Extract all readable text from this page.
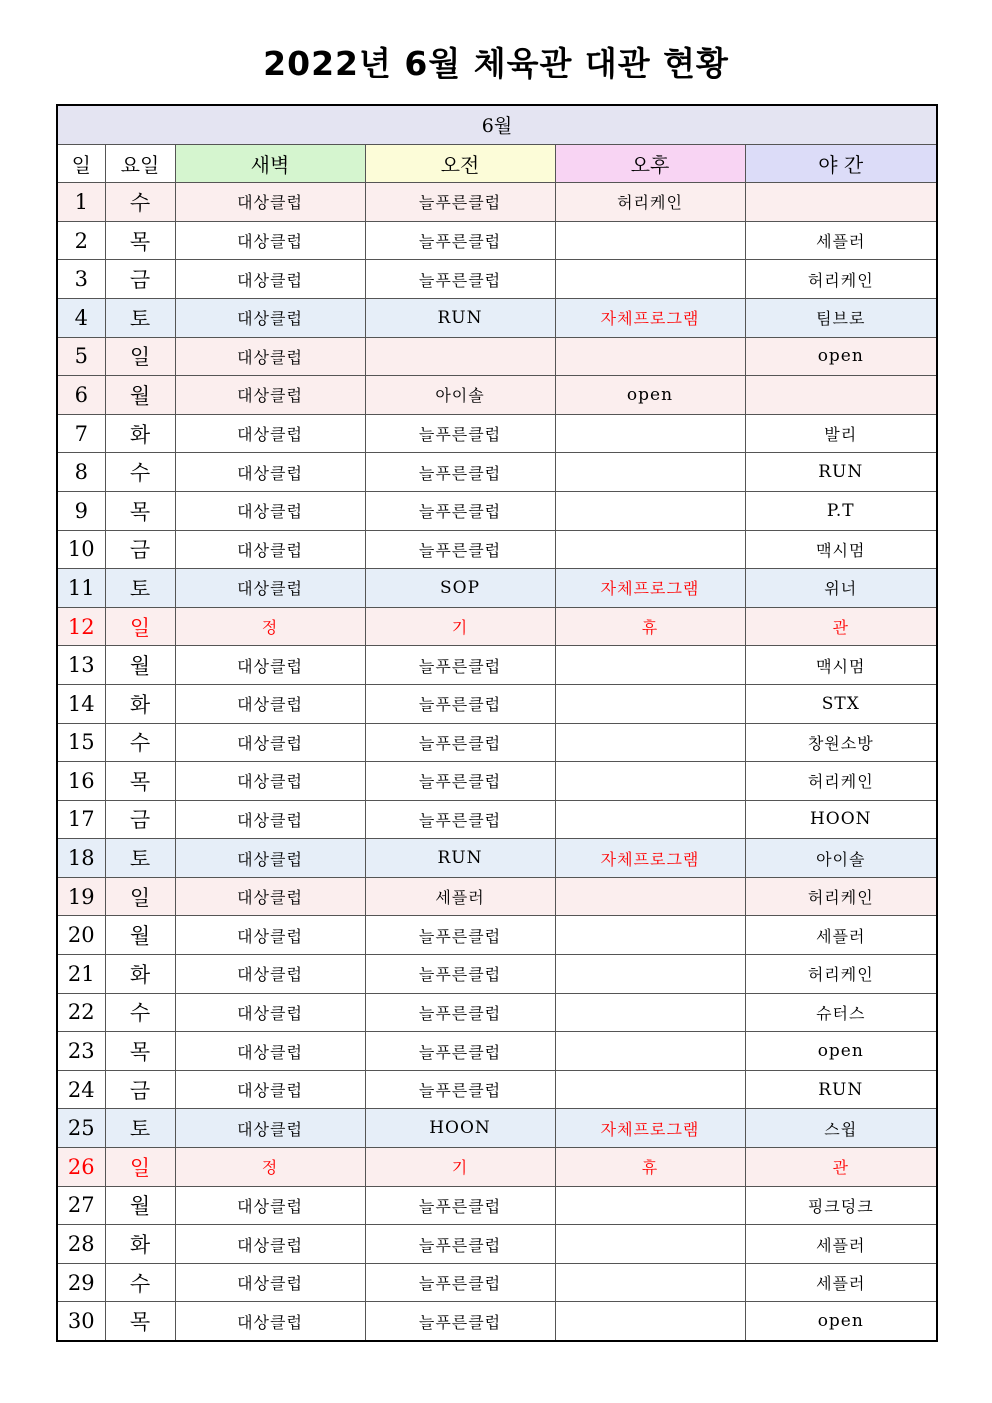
2022년 6월 체육관 대관 현황
6월					
일	요일	새벽	오전	오후	야 간
1	수	대상클럽	늘푸른클럽	허리케인	
2	목	대상클럽	늘푸른클럽		세플러
3	금	대상클럽	늘푸른클럽		허리케인
4	토	대상클럽	RUN	자체프로그램	팀브로
5	일	대상클럽			open
6	월	대상클럽	아이솔	open	
7	화	대상클럽	늘푸른클럽		발리
8	수	대상클럽	늘푸른클럽		RUN
9	목	대상클럽	늘푸른클럽		P.T
10	금	대상클럽	늘푸른클럽		맥시멈
11	토	대상클럽	SOP	자체프로그램	위너
12	일	정	기	휴	관
13	월	대상클럽	늘푸른클럽		맥시멈
14	화	대상클럽	늘푸른클럽		STX
15	수	대상클럽	늘푸른클럽		창원소방
16	목	대상클럽	늘푸른클럽		허리케인
17	금	대상클럽	늘푸른클럽		HOON
18	토	대상클럽	RUN	자체프로그램	아이솔
19	일	대상클럽	세플러		허리케인
20	월	대상클럽	늘푸른클럽		세플러
21	화	대상클럽	늘푸른클럽		허리케인
22	수	대상클럽	늘푸른클럽		슈터스
23	목	대상클럽	늘푸른클럽		open
24	금	대상클럽	늘푸른클럽		RUN
25	토	대상클럽	HOON	자체프로그램	스윕
26	일	정	기	휴	관
27	월	대상클럽	늘푸른클럽		핑크덩크
28	화	대상클럽	늘푸른클럽		세플러
29	수	대상클럽	늘푸른클럽		세플러
30	목	대상클럽	늘푸른클럽		open
